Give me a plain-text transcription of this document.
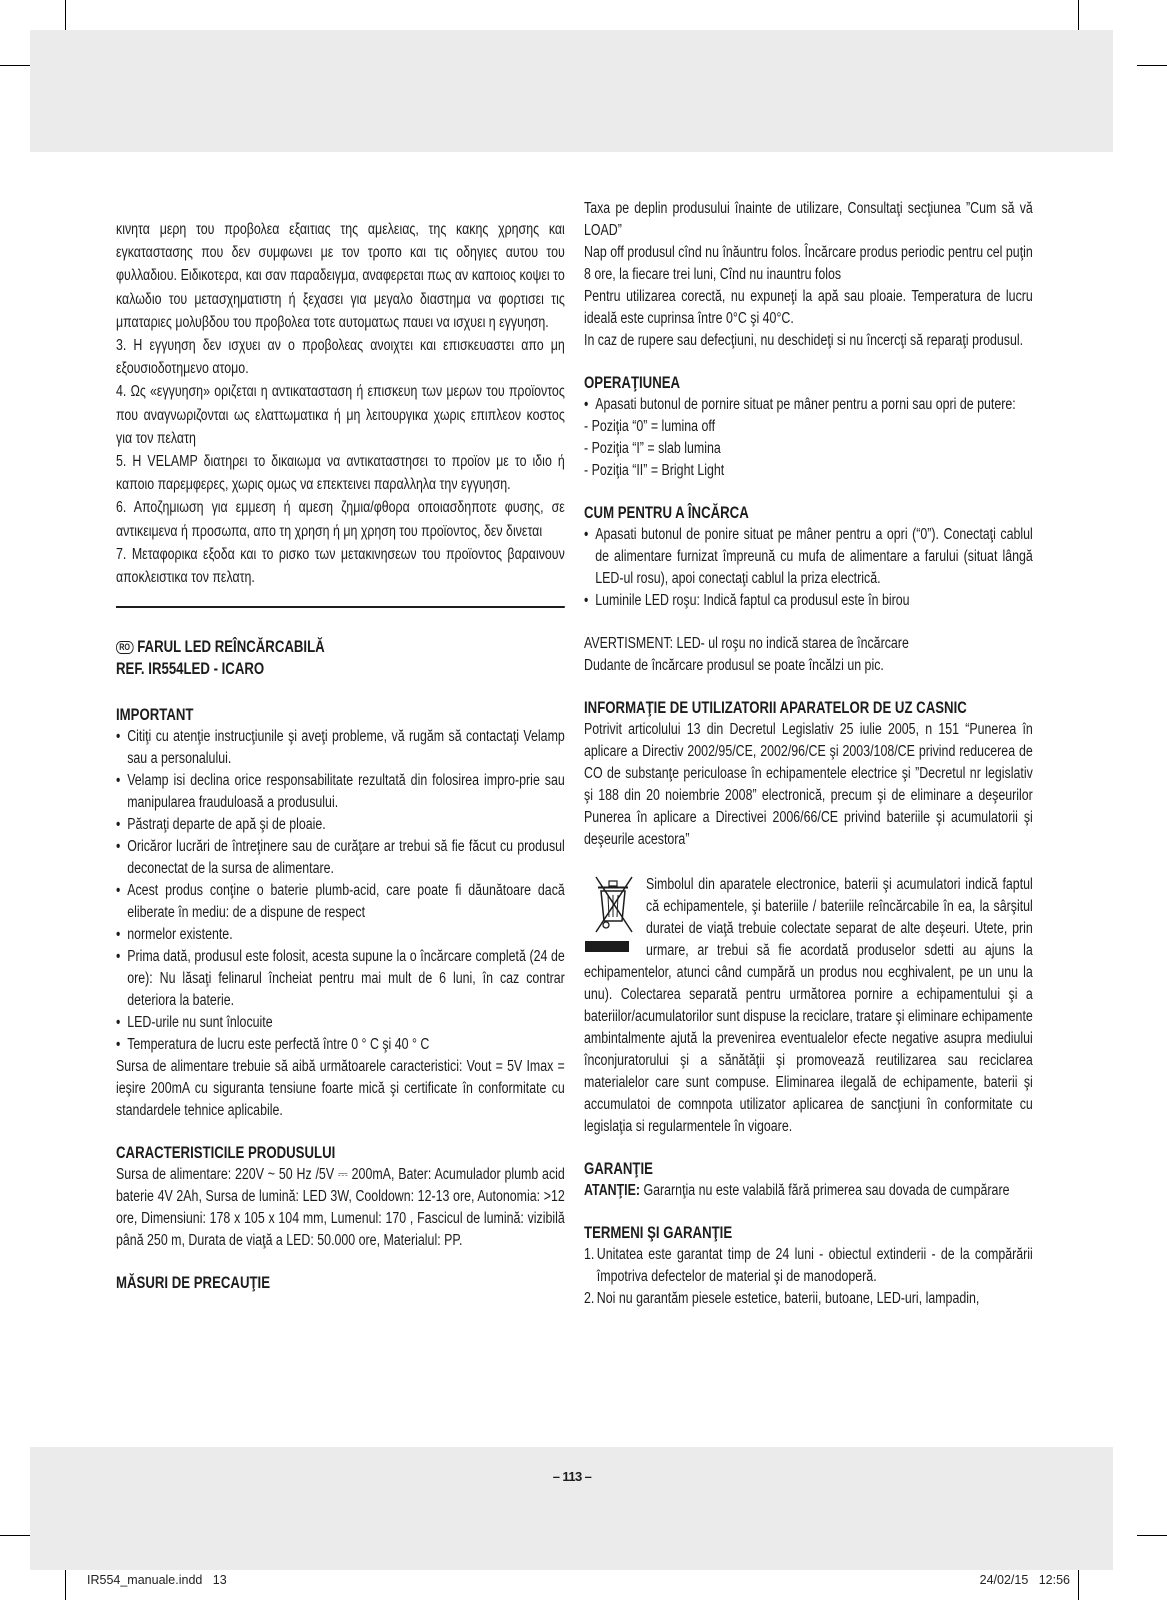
κινητα μερη του προβολεα εξαιτιας της αμελειας, της κακης χρησης και εγκαταστασης που δεν συμφωνει με τον τροπο και τις οδηγιες αυτου του φυλλαδιου. Ειδικοτερα, και σαν παραδειγμα, αναφερεται πως αν καποιος κοψει το καλωδιο του μετασχηματιστη ή ξεχασει για μεγαλο διαστημα να φορτισει τις μπαταριες μολυβδου του προβολεα τοτε αυτοματως παυει να ισχυει η εγγυηση.

3. Η εγγυηση δεν ισχυει αν ο προβολεας ανοιχτει και επισκευαστει απο μη εξουσιοδοτημενο ατομο.

4. Ως «εγγυηση» οριζεται η αντικατασταση ή επισκευη των μερων του προϊοντος που αναγνωριζονται ως ελαττωματικα ή μη λειτουργικα χωρις επιπλεον κοστος για τον πελατη

5. Η VELAMP διατηρει το δικαιωμα να αντικαταστησει το προϊον με το ιδιο ή καποιο παρεμφερες, χωρις ομως να επεκτεινει παραλληλα την εγγυηση.

6. Αποζημιωση για εμμεση ή αμεση ζημια/φθορα οποιασδηποτε φυσης, σε αντικειμενα ή προσωπα, απο τη χρηση ή μη χρηση του προϊοντος, δεν δινεται

7. Μεταφορικα εξοδα και το ρισκο των μετακινησεων του προϊοντος βαραινουν αποκλειστικα τον πελατη.

RO FARUL LED REÎNCĂRCABILĂ
REF. IR554LED - ICARO
IMPORTANT
• Citiţi cu atenţie instrucţiunile şi aveţi probleme, vă rugăm să contactaţi Velamp sau a personalului.
• Velamp isi declina orice responsabilitate rezultată din folosirea impro-prie sau manipularea frauduloasă a produsului.
• Păstraţi departe de apă şi de ploaie.
• Oricăror lucrări de întreţinere sau de curăţare ar trebui să fie făcut cu produsul deconectat de la sursa de alimentare.
• Acest produs conţine o baterie plumb-acid, care poate fi dăunătoare dacă eliberate în mediu: de a dispune de respect
• normelor existente.
• Prima dată, produsul este folosit, acesta supune la o încărcare completă (24 de ore): Nu lăsaţi felinarul încheiat pentru mai mult de 6 luni, în caz contrar deteriora la baterie.
• LED-urile nu sunt înlocuite
• Temperatura de lucru este perfectă între 0 ° C şi 40 ° C

Sursa de alimentare trebuie să aibă următoarele caracteristici: Vout = 5V Imax = ieşire 200mA cu siguranta tensiune foarte mică şi certificate în conformitate cu standardele tehnice aplicabile.

CARACTERISTICILE PRODUSULUI

Sursa de alimentare: 220V ~ 50 Hz /5V ⎓ 200mA, Bater: Acumulador plumb acid baterie 4V 2Ah, Sursa de lumină: LED 3W, Cooldown: 12-13 ore, Autonomia: >12 ore, Dimensiuni: 178 x 105 x 104 mm, Lumenul: 170 , Fascicul de lumină: vizibilă până 250 m, Durata de viaţă a LED: 50.000 ore, Materialul: PP.

MĂSURI DE PRECAUŢIE

Taxa pe deplin produsului înainte de utilizare, Consultaţi secţiunea ”Cum să vă LOAD”

Nap off produsul cînd nu înăuntru folos. Încărcare produs periodic pentru cel puţin 8 ore, la fiecare trei luni, Cînd nu inauntru folos

Pentru utilizarea corectă, nu expuneţi la apă sau ploaie. Temperatura de lucru ideală este cuprinsa între 0°C şi 40°C.

In caz de rupere sau defecţiuni, nu deschideţi si nu încercţi să reparaţi produsul.

OPERAŢIUNEA
• Apasati butonul de pornire situat pe mâner pentru a porni sau opri de putere:
- Poziţia “0” = lumina off
- Poziţia “I” = slab lumina
- Poziţia “II” = Bright Light
CUM PENTRU A ÎNCĂRCA
• Apasati butonul de ponire situat pe mâner pentru a opri (“0”). Conectaţi cablul de alimentare furnizat împreună cu mufa de alimentare a farului (situat lângă LED-ul rosu), apoi conectaţi cablul la priza electrică.
• Luminile LED roşu: Indică faptul ca produsul este în birou

AVERTISMENT: LED- ul roşu no indică starea de încărcare

Dudante de încărcare produsul se poate încălzi un pic.

INFORMAŢIE DE UTILIZATORII APARATELOR DE UZ CASNIC

Potrivit articolului 13 din Decretul Legislativ 25 iulie 2005, n 151 “Punerea în aplicare a Directiv 2002/95/CE, 2002/96/CE şi 2003/108/CE privind reducerea de CO de substanţe periculoase în echipamentele electrice şi ”Decretul nr legislativ şi 188 din 20 noiembrie 2008” electronică, precum şi de eliminare a deşeurilor Punerea în aplicare a Directivei 2006/66/CE privind bateriile şi acumulatorii şi deşeurile acestora”

Simbolul din aparatele electronice, baterii şi acumulatori indică faptul că echipamentele, şi bateriile / bateriile reîncărcabile în ea, la sârşitul duratei de viaţă trebuie colectate separat de alte deşeuri. Utete, prin urmare, ar trebui să fie acordată produselor sdetti au ajuns la echipamentelor, atunci când cumpără un produs nou ecghivalent, pe un unu la unu). Colectarea separată pentru următorea pornire a echipamentului şi a bateriilor/acumulatorilor sunt dispuse la reciclare, tratare şi eliminare echipamente ambintalmente ajută la prevenirea eventualelor efecte negative asupra mediului înconjuratorului şi a sănătăţii şi promovează reutilizarea sau reciclarea materialelor care sunt compuse. Eliminarea ilegală de echipamente, baterii şi accumulatoi de comnpota utilizator aplicarea de sancţiuni în conformitate cu legislaţia si regularmentele în vigoare.

GARANŢIE

ATANŢIE: Gararnţia nu este valabilă fără primerea sau dovada de cumpărare

TERMENI ŞI GARANŢIE
1. Unitatea este garantat timp de 24 luni - obiectul extinderii - de la compărării împotriva defectelor de material şi de manodoperă.
2. Noi nu garantăm piesele estetice, baterii, butoane, LED-uri, lampadin,
– 113 –
IR554_manuale.indd   13	24/02/15   12:56
